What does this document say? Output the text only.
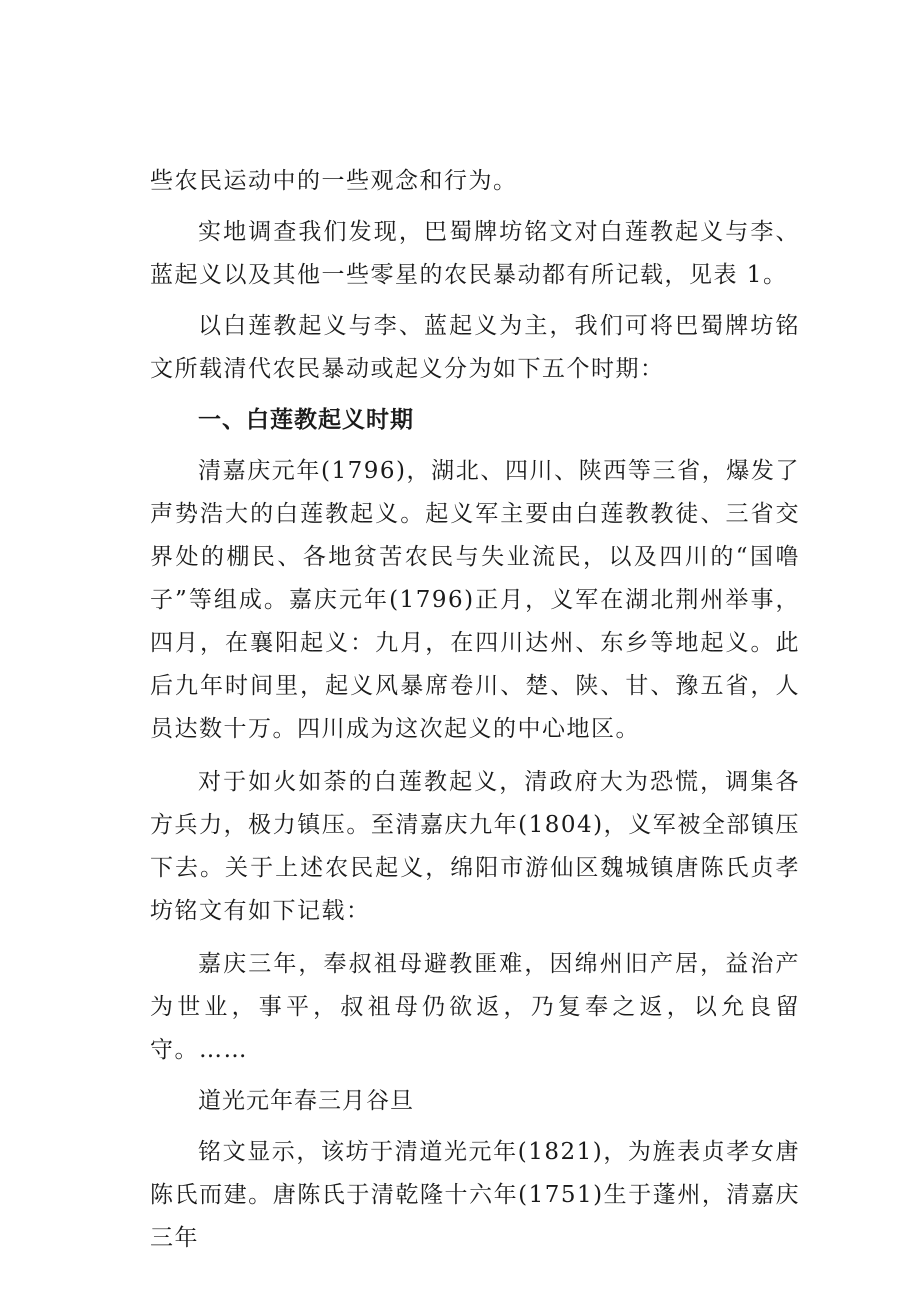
些农民运动中的一些观念和行为。

实地调查我们发现，巴蜀牌坊铭文对白莲教起义与李、蓝起义以及其他一些零星的农民暴动都有所记载，见表 1。

以白莲教起义与李、蓝起义为主，我们可将巴蜀牌坊铭文所载清代农民暴动或起义分为如下五个时期：

一、白莲教起义时期

清嘉庆元年(1796)，湖北、四川、陕西等三省，爆发了声势浩大的白莲教起义。起义军主要由白莲教教徒、三省交界处的棚民、各地贫苦农民与失业流民，以及四川的“国噜子”等组成。嘉庆元年(1796)正月，义军在湖北荆州举事，四月，在襄阳起义：九月，在四川达州、东乡等地起义。此后九年时间里，起义风暴席卷川、楚、陕、甘、豫五省，人员达数十万。四川成为这次起义的中心地区。

对于如火如荼的白莲教起义，清政府大为恐慌，调集各方兵力，极力镇压。至清嘉庆九年(1804)，义军被全部镇压下去。关于上述农民起义，绵阳市游仙区魏城镇唐陈氏贞孝坊铭文有如下记载：

嘉庆三年，奉叔祖母避教匪难，因绵州旧产居，益治产为世业，事平，叔祖母仍欲返，乃复奉之返，以允良留守。……

道光元年春三月谷旦

铭文显示，该坊于清道光元年(1821)，为旌表贞孝女唐陈氏而建。唐陈氏于清乾隆十六年(1751)生于蓬州，清嘉庆三年
